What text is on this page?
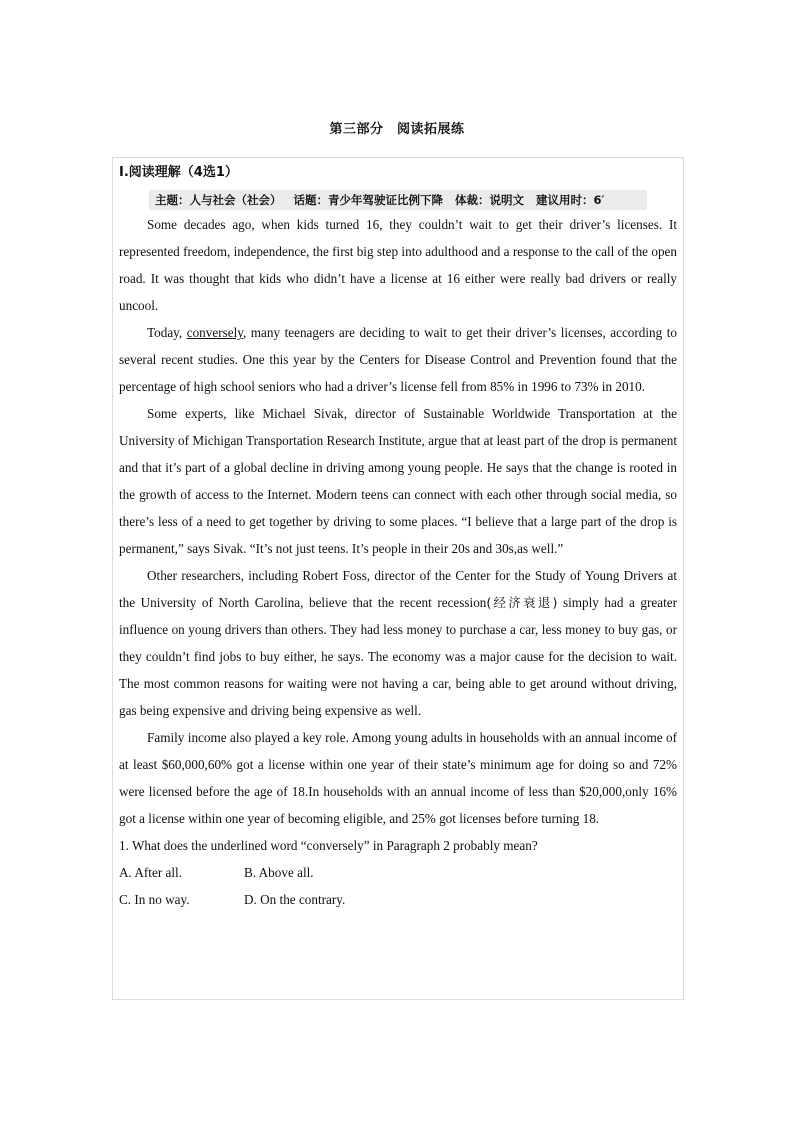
第三部分　阅读拓展练
Ⅰ.阅读理解（4选1）
主题：人与社会（社会） 话题：青少年驾驶证比例下降 体裁：说明文 建议用时：6′

Some decades ago, when kids turned 16, they couldn’t wait to get their driver’s licenses. It represented freedom, independence, the first big step into adulthood and a response to the call of the open road. It was thought that kids who didn’t have a license at 16 either were really bad drivers or really uncool.

Today, conversely, many teenagers are deciding to wait to get their driver’s licenses, according to several recent studies. One this year by the Centers for Disease Control and Prevention found that the percentage of high school seniors who had a driver’s license fell from 85% in 1996 to 73% in 2010.

Some experts, like Michael Sivak, director of Sustainable Worldwide Transportation at the University of Michigan Transportation Research Institute, argue that at least part of the drop is permanent and that it’s part of a global decline in driving among young people. He says that the change is rooted in the growth of access to the Internet. Modern teens can connect with each other through social media, so there’s less of a need to get together by driving to some places. “I believe that a large part of the drop is permanent,” says Sivak. “It’s not just teens. It’s people in their 20s and 30s,as well.”

Other researchers, including Robert Foss, director of the Center for the Study of Young Drivers at the University of North Carolina, believe that the recent recession(经济衰退) simply had a greater influence on young drivers than others. They had less money to purchase a car, less money to buy gas, or they couldn’t find jobs to buy either, he says. The economy was a major cause for the decision to wait. The most common reasons for waiting were not having a car, being able to get around without driving, gas being expensive and driving being expensive as well.

Family income also played a key role. Among young adults in households with an annual income of at least $60,000,60% got a license within one year of their state’s minimum age for doing so and 72% were licensed before the age of 18.In households with an annual income of less than $20,000,only 16% got a license within one year of becoming eligible, and 25% got licenses before turning 18.

1. What does the underlined word “conversely” in Paragraph 2 probably mean?

A. After all.	B. Above all.
C. In no way.	D. On the contrary.
